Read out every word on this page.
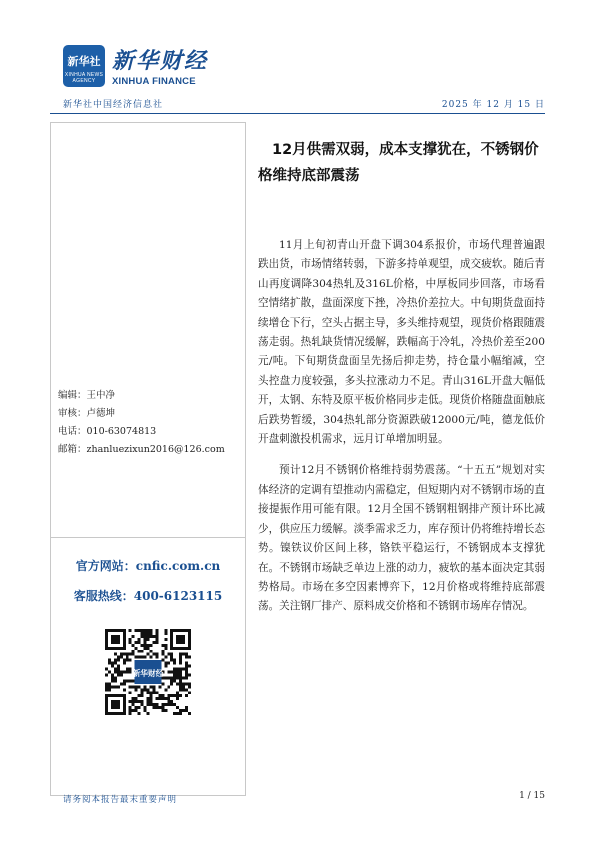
新华社
XINHUA NEWS AGENCY
新华财经
XINHUA FINANCE
新华社中国经济信息社	2025 年 12 月 15 日
编辑：王中净
审核：卢德坤
电话：010-63074813
邮箱：zhanluezixun2016@126.com
官方网站：cnfic.com.cn
客服热线：400-6123115
新华财经
12月供需双弱，成本支撑犹在，不锈钢价格维持底部震荡

11月上旬初青山开盘下调304系报价，市场代理普遍跟跌出货，市场情绪转弱，下游多持单观望，成交疲软。随后青山再度调降304热轧及316L价格，中厚板同步回落，市场看空情绪扩散，盘面深度下挫，冷热价差拉大。中旬期货盘面持续增仓下行，空头占据主导，多头维持观望，现货价格跟随震荡走弱。热轧缺货情况缓解，跌幅高于冷轧，冷热价差至200元/吨。下旬期货盘面呈先扬后抑走势，持仓量小幅缩减，空头控盘力度较强，多头拉涨动力不足。青山316L开盘大幅低开，太钢、东特及原平板价格同步走低。现货价格随盘面触底后跌势暂缓，304热轧部分资源跌破12000元/吨，德龙低价开盘刺激投机需求，远月订单增加明显。

预计12月不锈钢价格维持弱势震荡。“十五五”规划对实体经济的定调有望推动内需稳定，但短期内对不锈钢市场的直接提振作用可能有限。12月全国不锈钢粗钢排产预计环比减少，供应压力缓解。淡季需求乏力，库存预计仍将维持增长态势。镍铁议价区间上移，铬铁平稳运行，不锈钢成本支撑犹在。不锈钢市场缺乏单边上涨的动力，疲软的基本面决定其弱势格局。市场在多空因素博弈下，12月价格或将维持底部震荡。关注钢厂排产、原料成交价格和不锈钢市场库存情况。

请务阅本报告最末重要声明	1 / 15
